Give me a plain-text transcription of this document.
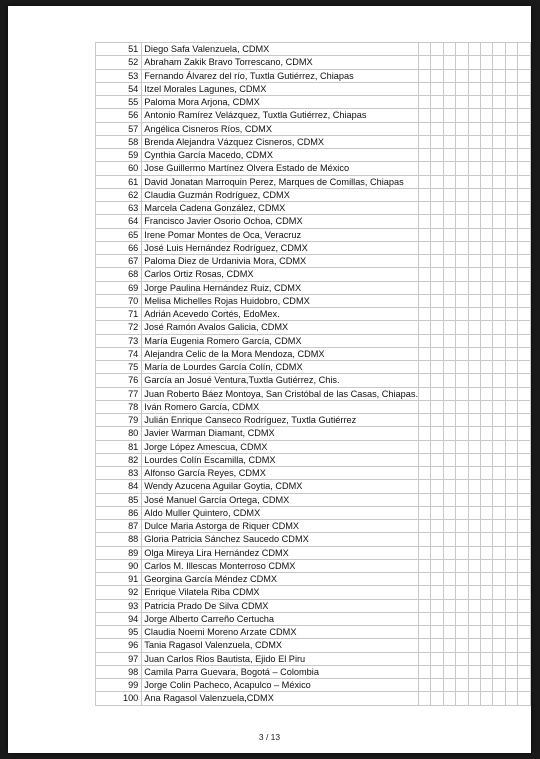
51	Diego Safa Valenzuela, CDMX									
52	Abraham Zakik Bravo Torrescano, CDMX									
53	Fernando Álvarez del río, Tuxtla Gutiérrez, Chiapas									
54	Itzel Morales Lagunes, CDMX									
55	Paloma Mora Arjona, CDMX									
56	Antonio Ramírez Velázquez, Tuxtla Gutiérrez, Chiapas									
57	Angélica Cisneros Ríos, CDMX									
58	Brenda Alejandra Vázquez Cisneros, CDMX									
59	Cynthia García Macedo, CDMX									
60	Jose Guillermo Martínez Olvera Estado de México									
61	David Jonatan Marroquin Perez, Marques de Comillas, Chiapas									
62	Claudia Guzmán Rodríguez, CDMX									
63	Marcela Cadena González, CDMX									
64	Francisco Javier Osorio Ochoa, CDMX									
65	Irene Pomar Montes de Oca, Veracruz									
66	José Luis Hernández Rodríguez, CDMX									
67	Paloma Diez de Urdanivia Mora, CDMX									
68	Carlos Ortiz Rosas, CDMX									
69	Jorge Paulina Hernández Ruiz, CDMX									
70	Melisa Michelles Rojas Huidobro, CDMX									
71	Adrián Acevedo Cortés, EdoMex.									
72	José Ramón Avalos Galicia, CDMX									
73	María Eugenia Romero García, CDMX									
74	Alejandra Celic de la Mora Mendoza, CDMX									
75	María de Lourdes García Colín, CDMX									
76	García an Josué Ventura,Tuxtla Gutiérrez, Chis.									
77	Juan Roberto Báez Montoya, San Cristóbal de las Casas, Chiapas.									
78	Iván Romero García, CDMX									
79	Julián Enrique Canseco Rodríguez, Tuxtla Gutiérrez									
80	Javier Warman Diamant, CDMX									
81	Jorge López Amescua, CDMX									
82	Lourdes Colín Escamilla, CDMX									
83	Alfonso García Reyes, CDMX									
84	Wendy Azucena Aguilar Goytia, CDMX									
85	José Manuel García Ortega, CDMX									
86	Aldo Muller Quintero, CDMX									
87	Dulce Maria Astorga de Riquer CDMX									
88	Gloria Patricia Sánchez Saucedo CDMX									
89	Olga Mireya Lira Hernández CDMX									
90	Carlos M. Illescas Monterroso CDMX									
91	Georgina García Méndez CDMX									
92	Enrique Vilatela Riba CDMX									
93	Patricia Prado De Silva CDMX									
94	Jorge Alberto Carreño Certucha									
95	Claudia Noemi Moreno Arzate CDMX									
96	Tania Ragasol Valenzuela, CDMX									
97	Juan Carlos Rios Bautista, Ejido El Piru									
98	Camila Parra Guevara, Bogotá – Colombia									
99	Jorge Colin Pacheco, Acapulco – México									
100	Ana Ragasol Valenzuela,CDMX									
3 / 13
